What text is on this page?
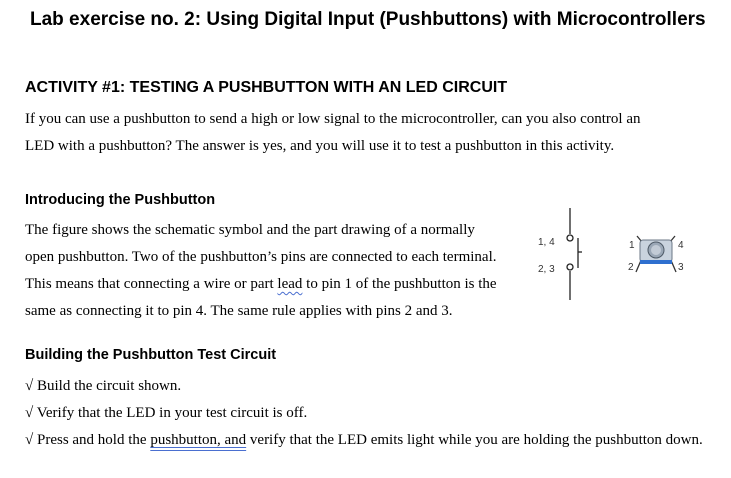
Lab exercise no. 2: Using Digital Input (Pushbuttons) with Microcontrollers
ACTIVITY #1: TESTING A PUSHBUTTON WITH AN LED CIRCUIT
If you can use a pushbutton to send a high or low signal to the microcontroller, can you also control an
LED with a pushbutton? The answer is yes, and you will use it to test a pushbutton in this activity.
Introducing the Pushbutton
The figure shows the schematic symbol and the part drawing of a normally
open pushbutton. Two of the pushbutton’s pins are connected to each terminal.
This means that connecting a wire or part lead to pin 1 of the pushbutton is the
same as connecting it to pin 4. The same rule applies with pins 2 and 3.
1, 4
2, 3
1	4
2	3
Building the Pushbutton Test Circuit
√ Build the circuit shown.
√ Verify that the LED in your test circuit is off.
√ Press and hold the pushbutton, and verify that the LED emits light while you are holding the pushbutton down.
